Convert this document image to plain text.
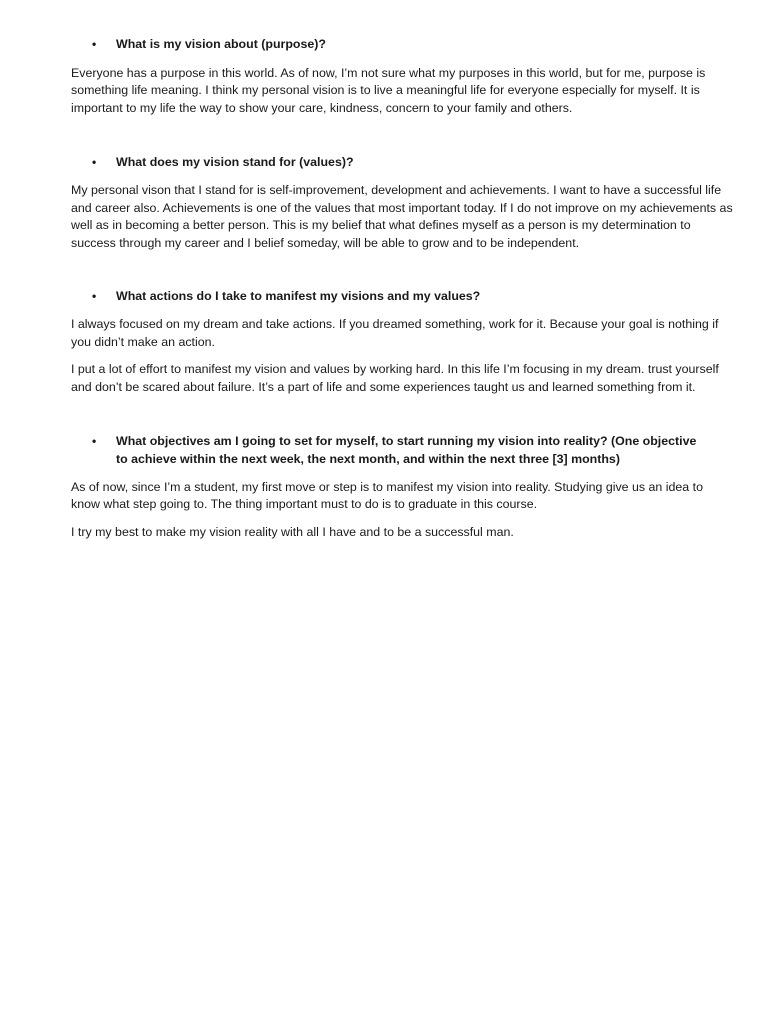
•	What is my vision about (purpose)?

Everyone has a purpose in this world. As of now, I’m not sure what my purposes in this world, but for me, purpose is something life meaning. I think my personal vision is to live a meaningful life for everyone especially for myself. It is important to my life the way to show your care, kindness, concern to your family and others.

•	What does my vision stand for (values)?

My personal vison that I stand for is self-improvement, development and achievements. I want to have a successful life and career also. Achievements is one of the values that most important today. If I do not improve on my achievements as well as in becoming a better person. This is my belief that what defines myself as a person is my determination to success through my career and I belief someday, will be able to grow and to be independent.

•	What actions do I take to manifest my visions and my values?

I always focused on my dream and take actions. If you dreamed something, work for it. Because your goal is nothing if you didn’t make an action.

I put a lot of effort to manifest my vision and values by working hard. In this life I’m focusing in my dream. trust yourself and don’t be scared about failure. It’s a part of life and some experiences taught us and learned something from it.

•	What objectives am I going to set for myself, to start running my vision into reality? (One objective to achieve within the next week, the next month, and within the next three [3] months)

As of now, since I’m a student, my first move or step is to manifest my vision into reality. Studying give us an idea to know what step going to. The thing important must to do is to graduate in this course.

I try my best to make my vision reality with all I have and to be a successful man.
